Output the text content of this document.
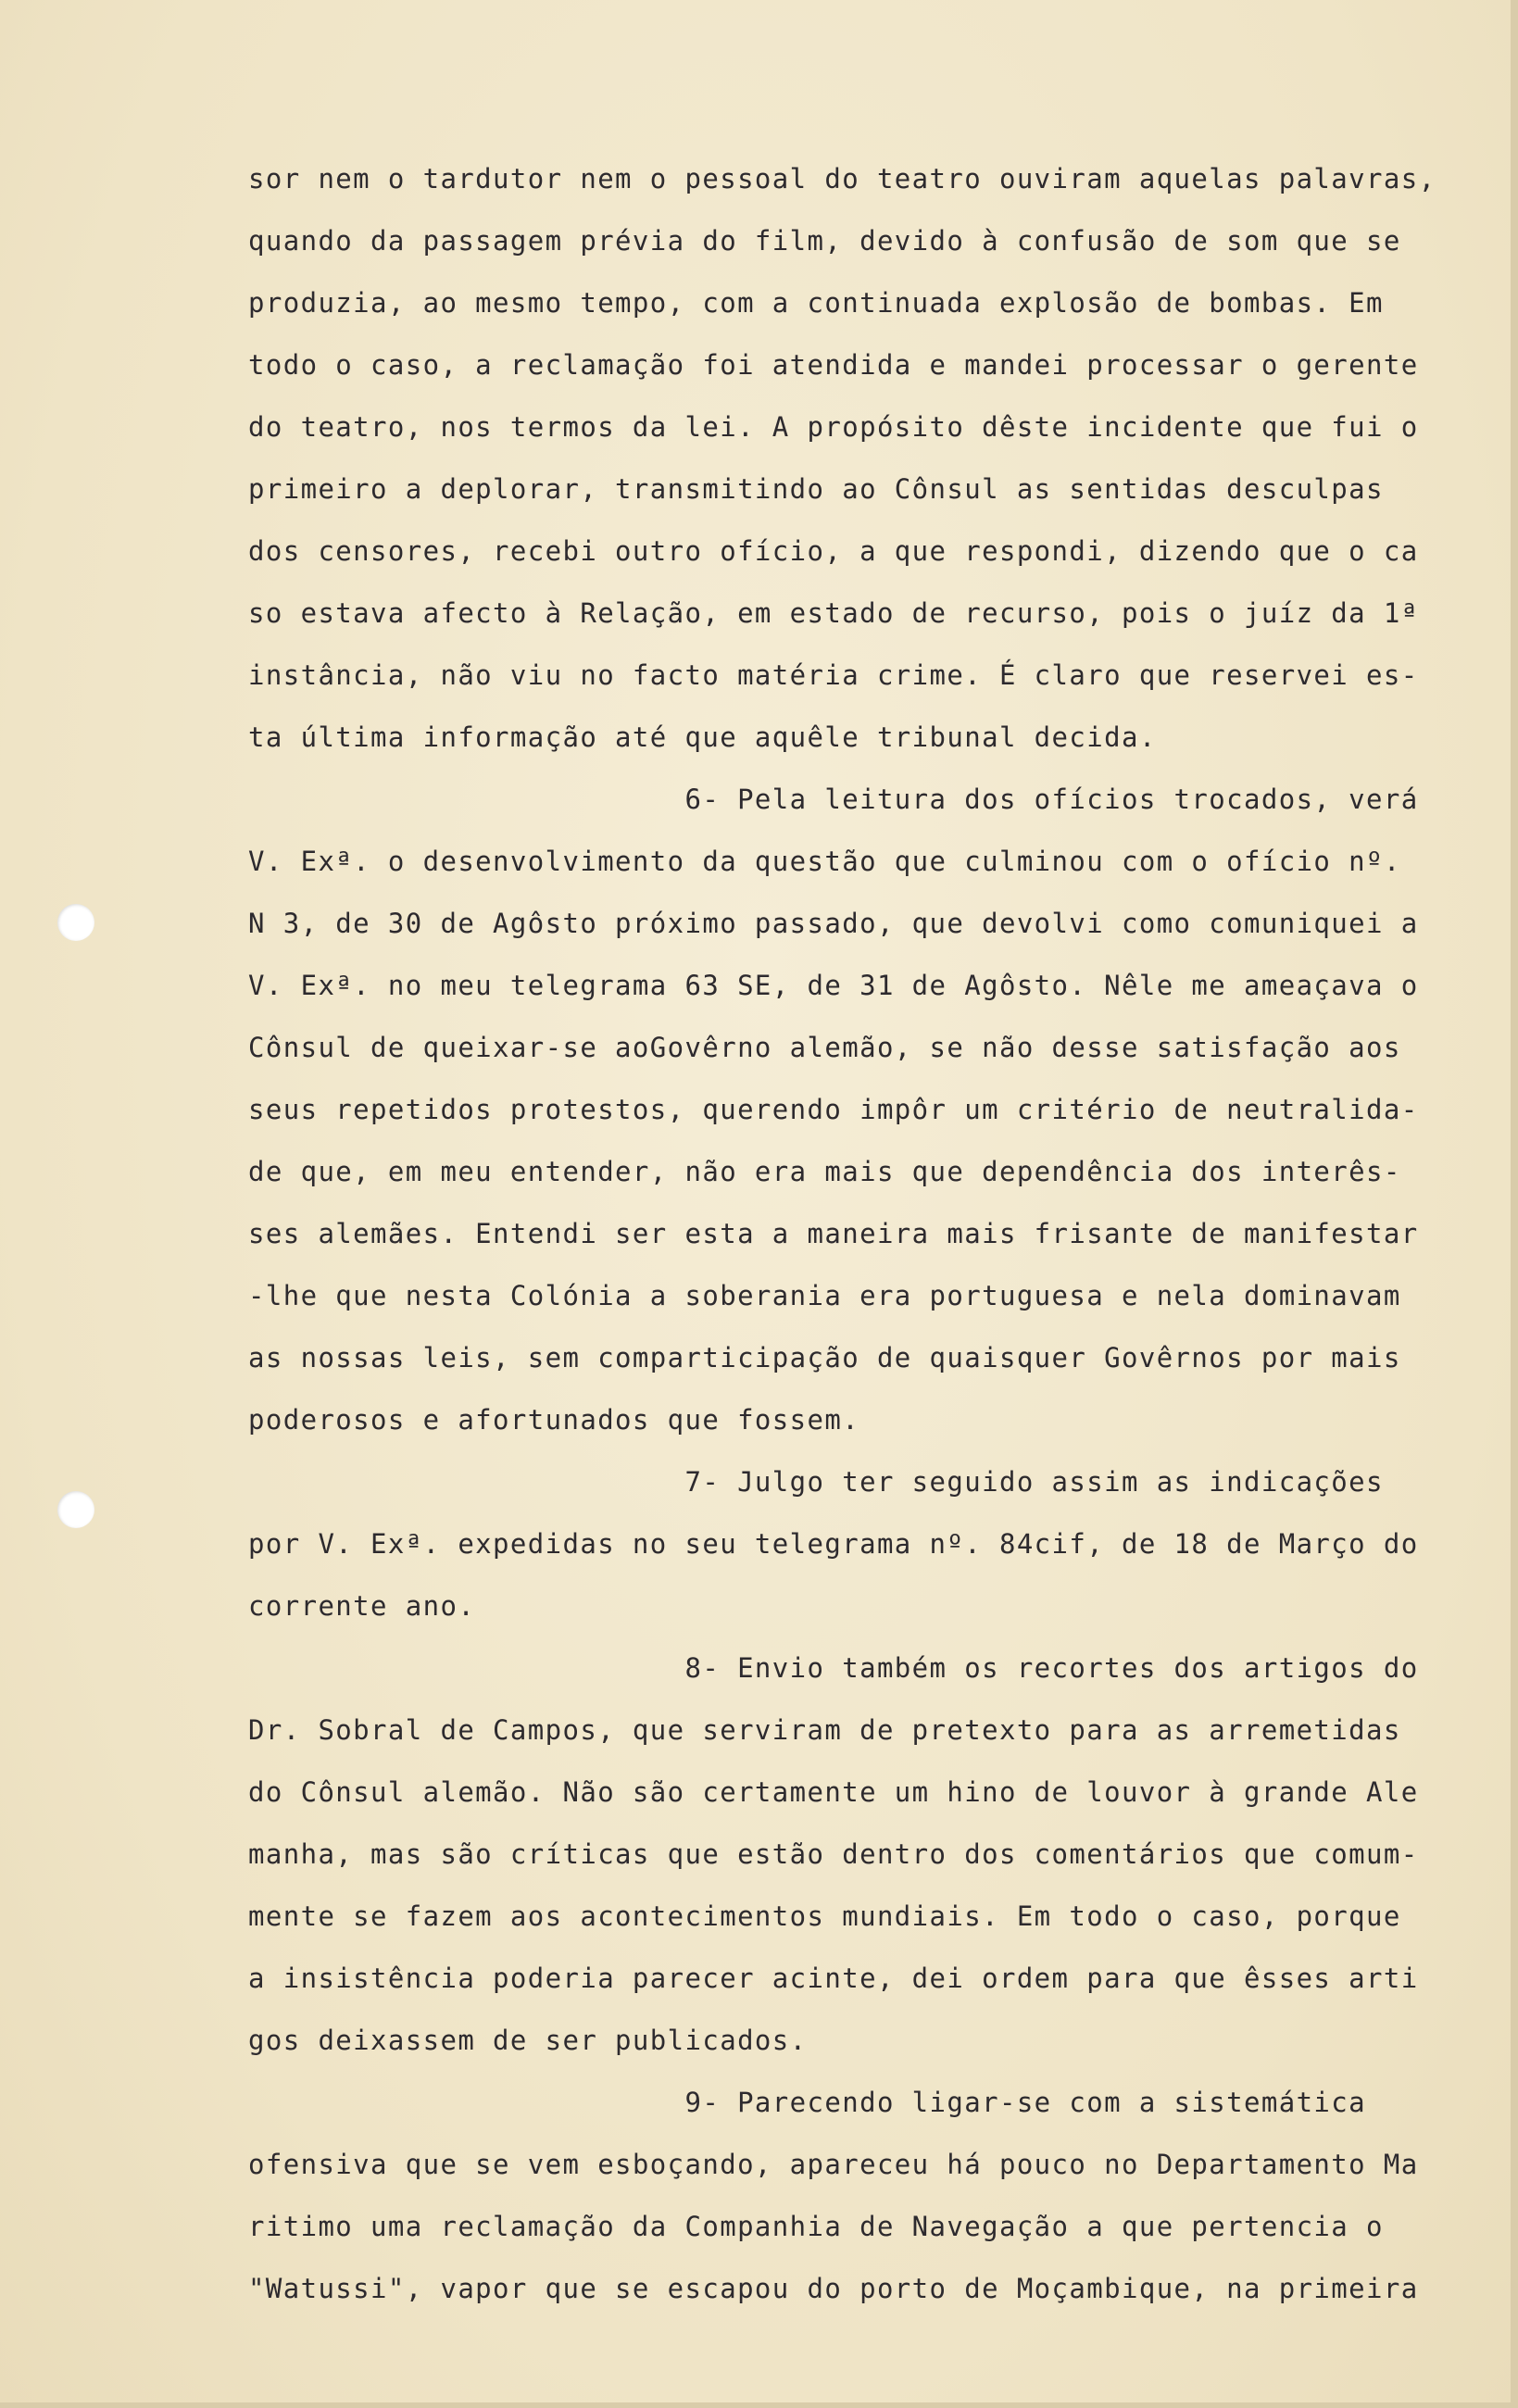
sor nem o tardutor nem o pessoal do teatro ouviram aquelas palavras,
quando da passagem prévia do film, devido à confusão de som que se
produzia, ao mesmo tempo, com a continuada explosão de bombas. Em
todo o caso, a reclamação foi atendida e mandei processar o gerente
do teatro, nos termos da lei. A propósito dêste incidente que fui o
primeiro a deplorar, transmitindo ao Cônsul as sentidas desculpas
dos censores, recebi outro ofício, a que respondi, dizendo que o ca
so estava afecto à Relação, em estado de recurso, pois o juíz da 1ª
instância, não viu no facto matéria crime. É claro que reservei es-
ta última informação até que aquêle tribunal decida.
6- Pela leitura dos ofícios trocados, verá
V. Exª. o desenvolvimento da questão que culminou com o ofício nº.
N 3, de 30 de Agôsto próximo passado, que devolvi como comuniquei a
V. Exª. no meu telegrama 63 SE, de 31 de Agôsto. Nêle me ameaçava o
Cônsul de queixar-se aoGovêrno alemão, se não desse satisfação aos
seus repetidos protestos, querendo impôr um critério de neutralida-
de que, em meu entender, não era mais que dependência dos interês-
ses alemães. Entendi ser esta a maneira mais frisante de manifestar
-lhe que nesta Colónia a soberania era portuguesa e nela dominavam
as nossas leis, sem comparticipação de quaisquer Govêrnos por mais
poderosos e afortunados que fossem.
7- Julgo ter seguido assim as indicações
por V. Exª. expedidas no seu telegrama nº. 84cif, de 18 de Março do
corrente ano.
8- Envio também os recortes dos artigos do
Dr. Sobral de Campos, que serviram de pretexto para as arremetidas
do Cônsul alemão. Não são certamente um hino de louvor à grande Ale
manha, mas são críticas que estão dentro dos comentários que comum-
mente se fazem aos acontecimentos mundiais. Em todo o caso, porque
a insistência poderia parecer acinte, dei ordem para que êsses arti
gos deixassem de ser publicados.
9- Parecendo ligar-se com a sistemática
ofensiva que se vem esboçando, apareceu há pouco no Departamento Ma
ritimo uma reclamação da Companhia de Navegação a que pertencia o
"Watussi", vapor que se escapou do porto de Moçambique, na primeira
